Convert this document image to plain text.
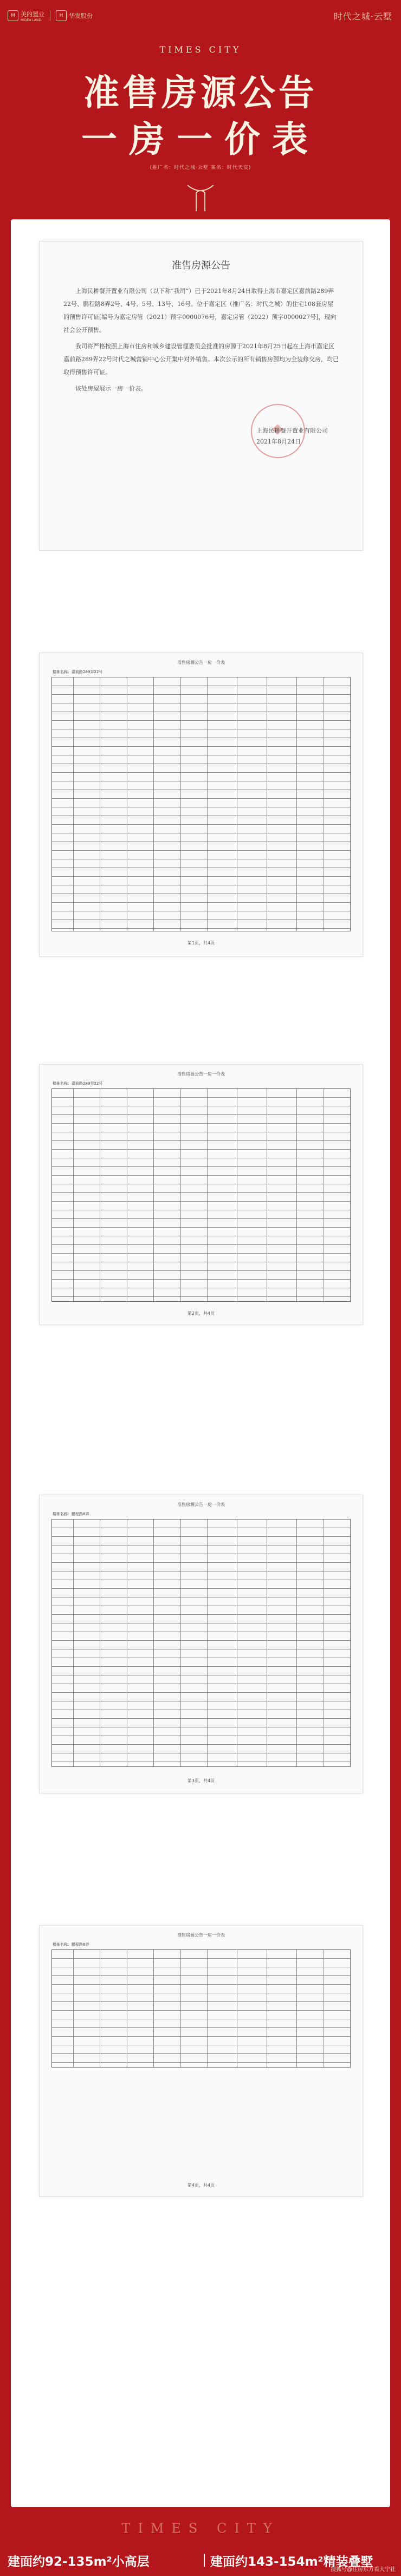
M 美的置业
MIDEA LAND
H 华发股份	时代之城·云墅
TIMES CITY
准售房源公告
一房一价表
(推广名：时代之城·云墅 案名：时代天宸)
准售房源公告

上海民耕餐开置业有限公司（以下称“我司”）已于2021年8月24日取得上海市嘉定区嘉前路289弄22号、鹏程路8弄2号、4号、5号、13号、16号。位于嘉定区（推广名：时代之城）的住宅108套房屋的预售许可证[编号为嘉定房管（2021）预字0000076号，嘉定房管（2022）预字0000027号]，现向社会公开预售。

我司将严格按照上海市住房和城乡建设管理委员会批准的房源于2021年8月25日起在上海市嘉定区嘉前路289弄22号时代之城营销中心公开集中对外销售。本次公示的所有销售房源均为全装修交房，均已取得预售许可证。

该处房屋展示一房一价表。

上海民耕餐开置业有限公司
2021年8月24日
准售房源公告一房一价表
楼栋名称：嘉前路289弄22号
第1页，共4页
准售房源公告一房一价表
楼栋名称：嘉前路289弄22号
第2页，共4页
准售房源公告一房一价表
楼栋名称：鹏程路8弄
第3页，共4页
准售房源公告一房一价表
楼栋名称：鹏程路8弄
第4页，共4页
TIMES CITY
建面约92-135m²小高层	建面约143-154m²精装叠墅
搜狐号@住房东方看大宁社
